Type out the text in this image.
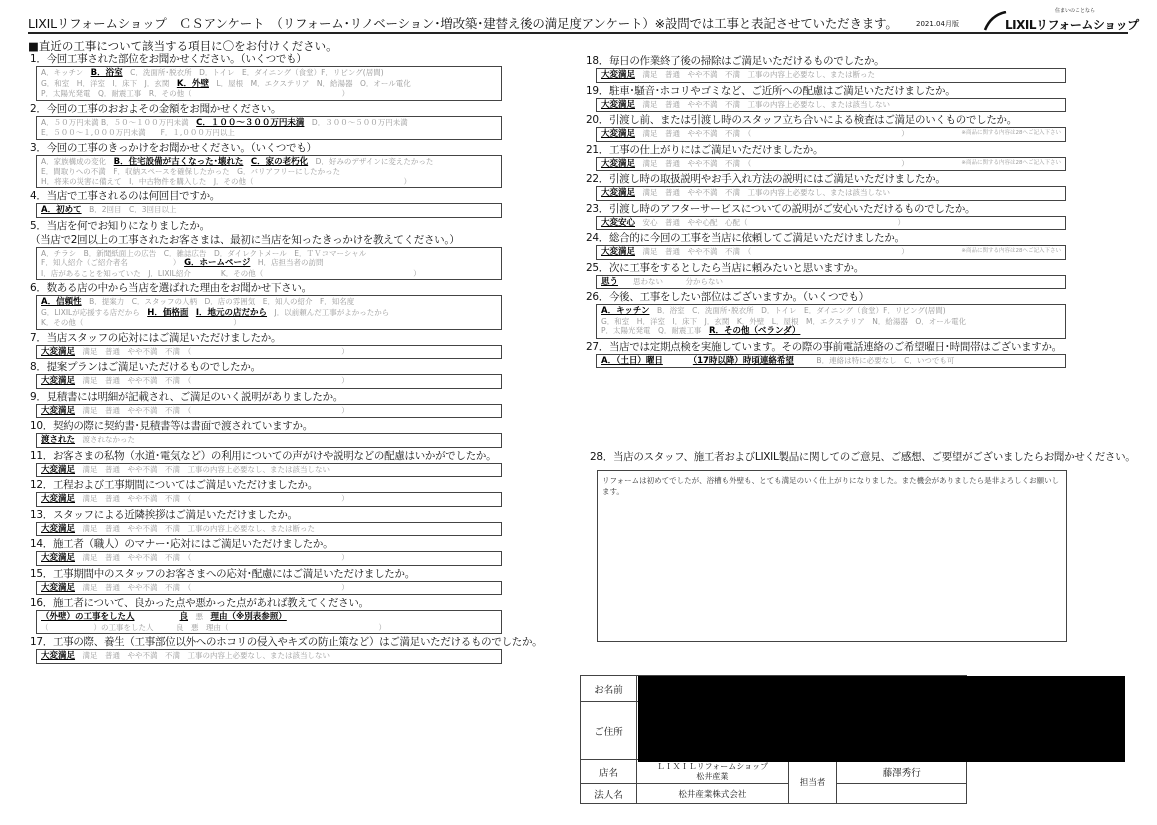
LIXILリフォームショップ　ＣＳアンケート　（リフォーム･リノベーション･増改築･建替え後の満足度アンケート）※設問では工事と表記させていただきます。	2021.04月版
住まいのことなら
LIXILリフォームショップ
■直近の工事について該当する項目に〇をお付けください。
1．今回工事された部位をお聞かせください。（いくつでも）
A．キッチン　B．浴室　C．洗面所･脱衣所　D．トイレ　E．ダイニング（食堂）F．リビング(居間)
G．和室　H．洋室　I．床下　J．玄関　K．外壁　L．屋根　M．エクステリア　N．給湯器　O．オール電化
P．太陽光発電　Q．耐震工事　R．その他（	）
2．今回の工事のおおよその金額をお聞かせください。
A．５０万円未満 B．５０～１００万円未満　C．１００～３００万円未満　D．３００～５００万円未満
E．５００～１,０００万円未満　　F．１,０００万円以上
3．今回の工事のきっかけをお聞かせください。（いくつでも）
A．家族構成の変化　B．住宅設備が古くなった･壊れた　 C．家の老朽化　D．好みのデザインに変えたかった
E．間取りへの不満　F．収納スペースを確保したかった　G．バリアフリーにしたかった
H．将来の災害に備えて　I．中古物件を購入した　J．その他（	）
4．当店で工事されるのは何回目ですか。
A．初めて　B．2回目　C．3回目以上
5．当店を何でお知りになりましたか。
（当店で2回以上の工事されたお客さまは、最初に当店を知ったきっかけを教えてください。）
A．チラシ　B．新聞紙面上の広告　C．雑誌広告　D．ダイレクトメール　E．ＴＶコマーシャル
F．知人紹介（ご紹介者名　　　　　　）　G．ホームページ　H．店担当者の訪問
I．店があることを知っていた　J．LIXIL紹介　　　　K．その他（	）
6．数ある店の中から当店を選ばれた理由をお聞かせ下さい。
A．信頼性　B．提案力　C．スタッフの人柄　D．店の雰囲気　E．知人の紹介　F．知名度
G．LIXILが応援する店だから　H．価格面　 I．地元の店だから　J．以前頼んだ工事がよかったから
K．その他（	）
7．当店スタッフの応対にはご満足いただけましたか。
大変満足　満足　普通　やや不満　不満　（	）
8．提案プランはご満足いただけるものでしたか。
大変満足　満足　普通　やや不満　不満　（	）
9．見積書には明細が記載され、ご満足のいく説明がありましたか。
大変満足　満足　普通　やや不満　不満　（	）
10．契約の際に契約書･見積書等は書面で渡されていますか。
渡された　渡されなかった
11．お客さまの私物（水道･電気など）の利用についての声がけや説明などの配慮はいかがでしたか。
大変満足　満足　普通　やや不満　不満　工事の内容上必要なし、または該当しない
12．工程および工事期間についてはご満足いただけましたか。
大変満足　満足　普通　やや不満　不満　（	）
13．スタッフによる近隣挨拶はご満足いただけましたか。
大変満足　満足　普通　やや不満　不満　工事の内容上必要なし、または断った
14．施工者（職人）のマナー･応対にはご満足いただけましたか。
大変満足　満足　普通　やや不満　不満　（	）
15．工事期間中のスタッフのお客さまへの応対･配慮にはご満足いただけましたか。
大変満足　満足　普通　やや不満　不満　（	）
16．施工者について、良かった点や悪かった点があれば教えてください。
（外壁）の工事をした人　　　　　　	良　悪　理由（※別表参照）
（　　　　　　）の工事をした人　　　良　悪　理由（	）
17．工事の際、養生（工事部位以外へのホコリの侵入やキズの防止策など）はご満足いただけるものでしたか。
大変満足　満足　普通　やや不満　不満　工事の内容上必要なし、または該当しない
18．毎日の作業終了後の掃除はご満足いただけるものでしたか。
大変満足　満足　普通　やや不満　不満　工事の内容上必要なし、または断った
19．駐車･騒音･ホコリやゴミなど、ご近所への配慮はご満足いただけましたか。
大変満足　満足　普通　やや不満　不満　工事の内容上必要なし、または該当しない
20．引渡し前、または引渡し時のスタッフ立ち合いによる検査はご満足のいくものでしたか。
大変満足　満足　普通　やや不満　不満　（	）	※商品に関する内容は28へご記入下さい
21．工事の仕上がりにはご満足いただけましたか。
大変満足　満足　普通　やや不満　不満　（	）	※商品に関する内容は28へご記入下さい
22．引渡し時の取扱説明やお手入れ方法の説明にはご満足いただけましたか。
大変満足　満足　普通　やや不満　不満　工事の内容上必要なし、または該当しない
23．引渡し時のアフターサービスについての説明がご安心いただけるものでしたか。
大変安心　安心　普通　やや心配　心配（	）
24．総合的に今回の工事を当店に依頼してご満足いただけましたか。
大変満足　満足　普通　やや不満　不満　（	）	※商品に関する内容は28へご記入下さい
25．次に工事をするとしたら当店に頼みたいと思いますか。
思う　　思わない　　　分からない
26．今後、工事をしたい部位はございますか。（いくつでも）
A．キッチン　B．浴室　C．洗面所･脱衣所　D．トイレ　E．ダイニング（食堂）F．リビング(居間)
G．和室　H．洋室　I．床下　J．玄関　K．外壁　L．屋根　M．エクステリア　N．給湯器　O．オール電化
P．太陽光発電　Q．耐震工事　R．その他（ベランダ）
27．当店では定期点検を実施しています。その際の事前電話連絡のご希望曜日･時間帯はございますか。
A．（土日）曜日　　　　	（17時以降）時頃連絡希望　　　B．連絡は特に必要なし　C．いつでも可
28．当店のスタッフ、施工者およびLIXIL製品に関してのご意見、ご感想、ご要望がございましたらお聞かせください。
リフォームは初めてでしたが、浴槽も外壁も、とても満足のいく仕上がりになりました。また機会がありましたら是非よろしくお願いします。
お名前			
ご住所			
店名	ＬＩＸＩＬリフォームショップ
松井産業	担当者	藤澤秀行
法人名	松井産業株式会社		
